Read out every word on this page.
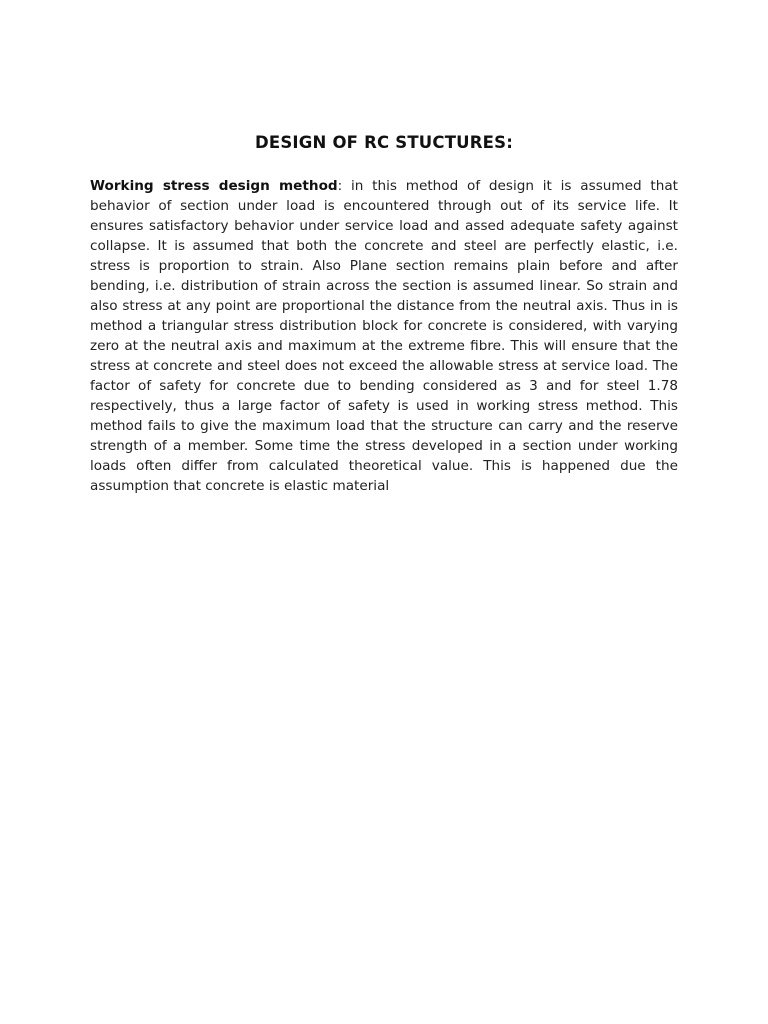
DESIGN OF RC STUCTURES:

Working stress design method: in this method of design it is assumed that behavior of section under load is encountered through out of its service life. It ensures satisfactory behavior under service load and assed adequate safety against collapse. It is assumed that both the concrete and steel are perfectly elastic, i.e. stress is proportion to strain. Also Plane section remains plain before and after bending, i.e. distribution of strain across the section is assumed linear. So strain and also stress at any point are proportional the distance from the neutral axis. Thus in is method a triangular stress distribution block for concrete is considered, with varying zero at the neutral axis and maximum at the extreme fibre. This will ensure that the stress at concrete and steel does not exceed the allowable stress at service load. The factor of safety for concrete due to bending considered as 3 and for steel 1.78 respectively, thus a large factor of safety is used in working stress method. This method fails to give the maximum load that the structure can carry and the reserve strength of a member. Some time the stress developed in a section under working loads often differ from calculated theoretical value. This is happened due the assumption that concrete is elastic material
